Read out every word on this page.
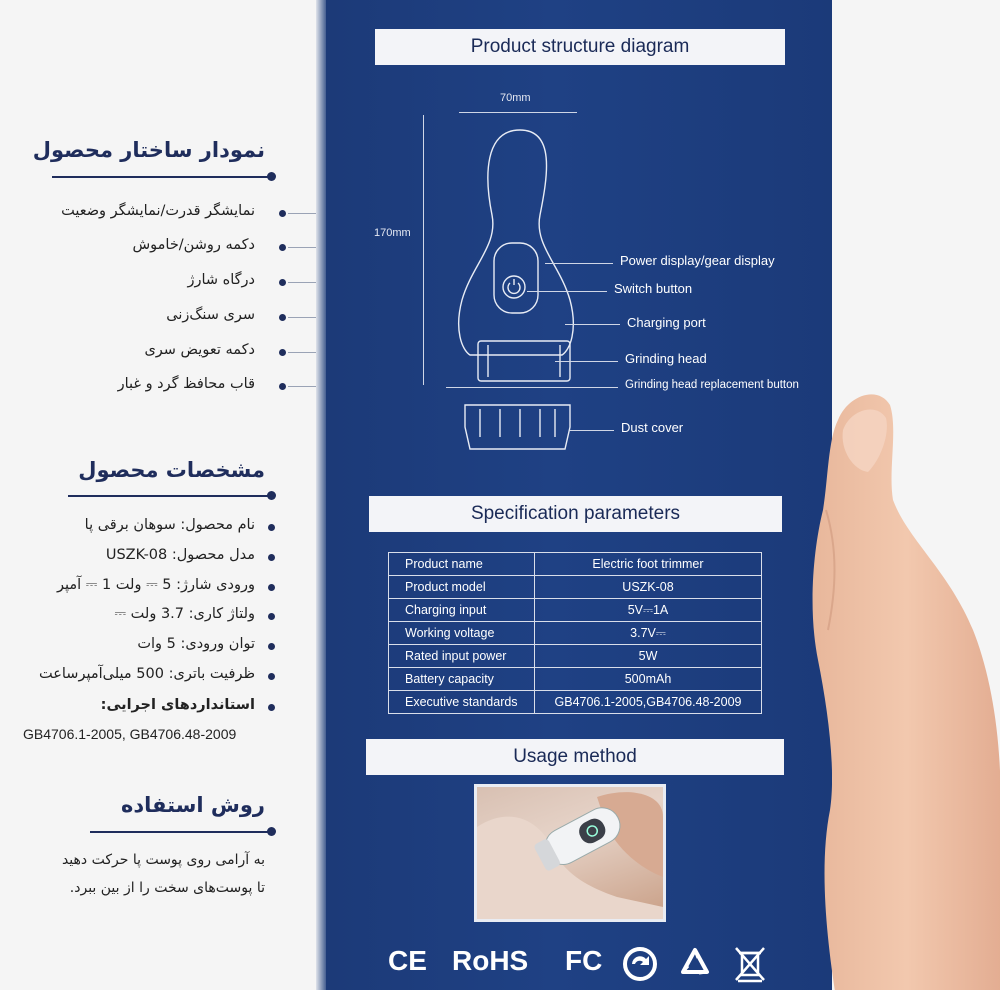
نمودار ساختار محصول
نمایشگر قدرت/نمایشگر وضعیت
دکمه روشن/خاموش
درگاه شارژ
سری سنگ‌زنی
دکمه تعویض سری
قاب محافظ گرد و غبار
مشخصات محصول
نام محصول: سوهان برقی پا
مدل محصول: USZK-08
ورودی شارژ: 5 ⎓ ولت 1 ⎓ آمپر
ولتاژ کاری: 3.7 ولت ⎓
توان ورودی: 5 وات
ظرفیت باتری: 500 میلی‌آمپرساعت
استانداردهای اجرایی:
GB4706.1-2005, GB4706.48-2009
روش استفاده
به آرامی روی پوست پا حرکت دهید
تا پوست‌های سخت را از بین ببرد.
Product structure diagram
70mm
170mm
Power display/gear display
Switch button
Charging port
Grinding head
Grinding head replacement button
Dust cover
Specification parameters
Product name	Electric foot trimmer
Product model	USZK-08
Charging input	5V⎓1A
Working voltage	3.7V⎓
Rated input power	5W
Battery capacity	500mAh
Executive standards	GB4706.1-2005,GB4706.48-2009
Usage method
CE RoHS FC
